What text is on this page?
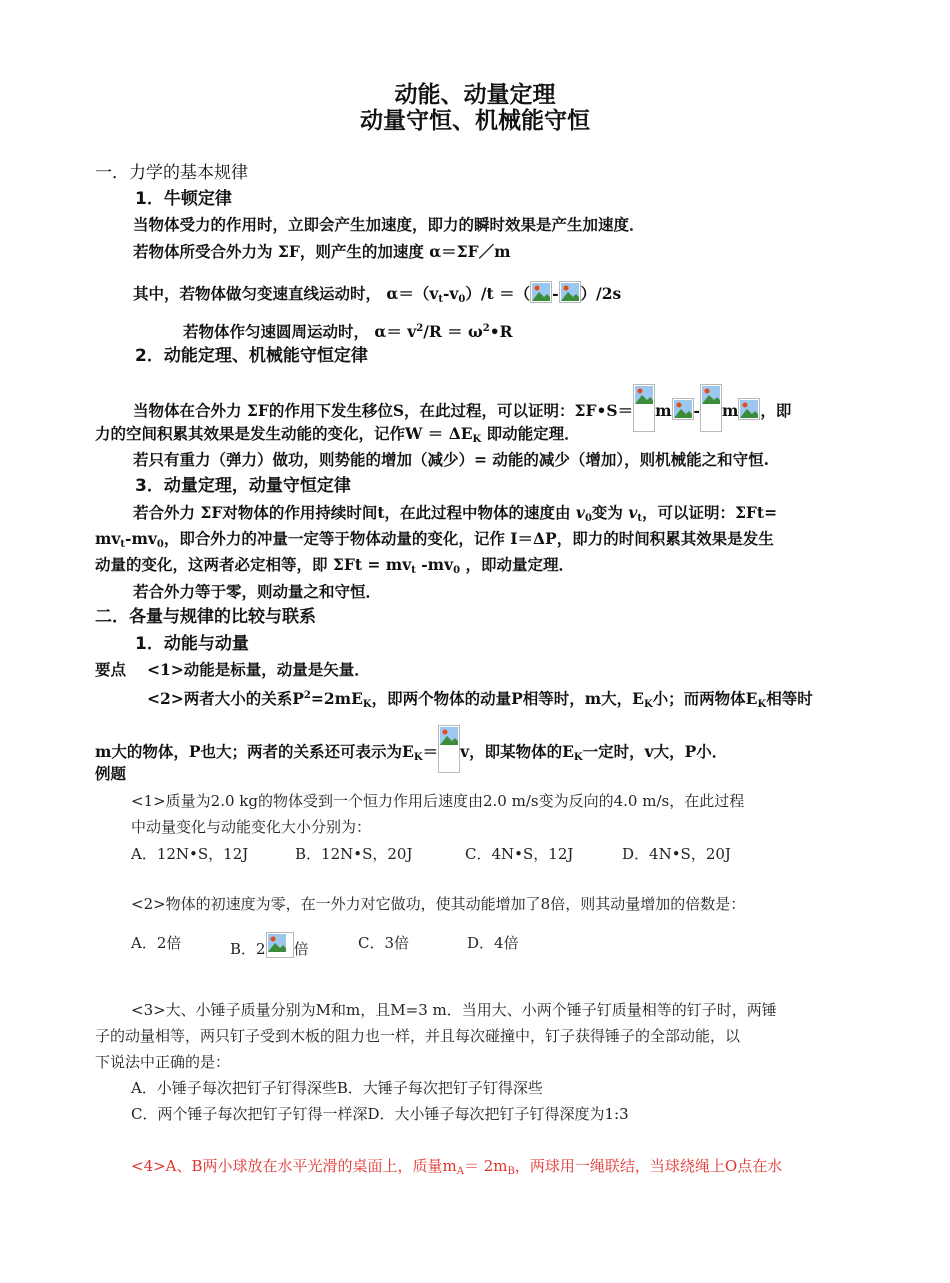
动能、动量定理
动量守恒、机械能守恒
一．力学的基本规律
1．牛顿定律
当物体受力的作用时，立即会产生加速度，即力的瞬时效果是产生加速度．
若物体所受合外力为 ΣF，则产生的加速度 α＝ΣF／m
其中，若物体做匀变速直线运动时， $\alpha=(v_t-v_0)/t$ ＝（ - ）/2s
若物体作匀速圆周运动时， $\alpha= v^2/R$ ＝ $\omega^2•R$
2．动能定理、机械能守恒定律
当物体在合外力 ΣF的作用下发生移位S，在此过程，可以证明：ΣF•S＝ m - m ，即
力的空间积累其效果是发生动能的变化，记作$W = \Delta E_K$ 即动能定理．
若只有重力（弹力）做功，则势能的增加（减少）= 动能的减少（增加），则机械能之和守恒.
3．动量定理，动量守恒定律
若合外力 ΣF对物体的作用持续时间t，在此过程中物体的速度由 $v_0$变为 $v_t$，可以证明：ΣFt=
$mv_t-mv_0$，即合外力的冲量一定等于物体动量的变化，记作 I＝ΔP，即力的时间积累其效果是发生
动量的变化，这两者必定相等，即 $\Sigma Ft = mv_t$ $-mv_0$ ，即动量定理．
若合外力等于零，则动量之和守恒．
二．各量与规律的比较与联系
1．动能与动量
要点 <1>动能是标量，动量是矢量．
<2>两者大小的关系$P^2=2mE_K$，即两个物体的动量P相等时，m大，$E_K$小；而两物体$E_K$相等时
m大的物体，P也大；两者的关系还可表示为$E_K= v$，即某物体的$E_K$一定时，v大，P小．
例题
<1>质量为2.0 kg的物体受到一个恒力作用后速度由2.0 m/s变为反向的4.0 m/s，在此过程
中动量变化与动能变化大小分别为：
A．12N•S，12J	B．12N•S，20J	C．4N•S，12J	D．4N•S，20J
<2>物体的初速度为零，在一外力对它做功，使其动能增加了8倍，则其动量增加的倍数是：
A．2倍	B．2 倍	C．3倍	D．4倍
<3>大、小锤子质量分别为M和m，且M=3 m．当用大、小两个锤子钉质量相等的钉子时，两锤
子的动量相等，两只钉子受到木板的阻力也一样，并且每次碰撞中，钉子获得锤子的全部动能，以
下说法中正确的是：
A．小锤子每次把钉子钉得深些B．大锤子每次把钉子钉得深些
C．两个锤子每次把钉子钉得一样深D．大小锤子每次把钉子钉得深度为1:3
<4>A、B两小球放在水平光滑的桌面上，质量$m_A= 2m_B$，两球用一绳联结，当球绕绳上O点在水
